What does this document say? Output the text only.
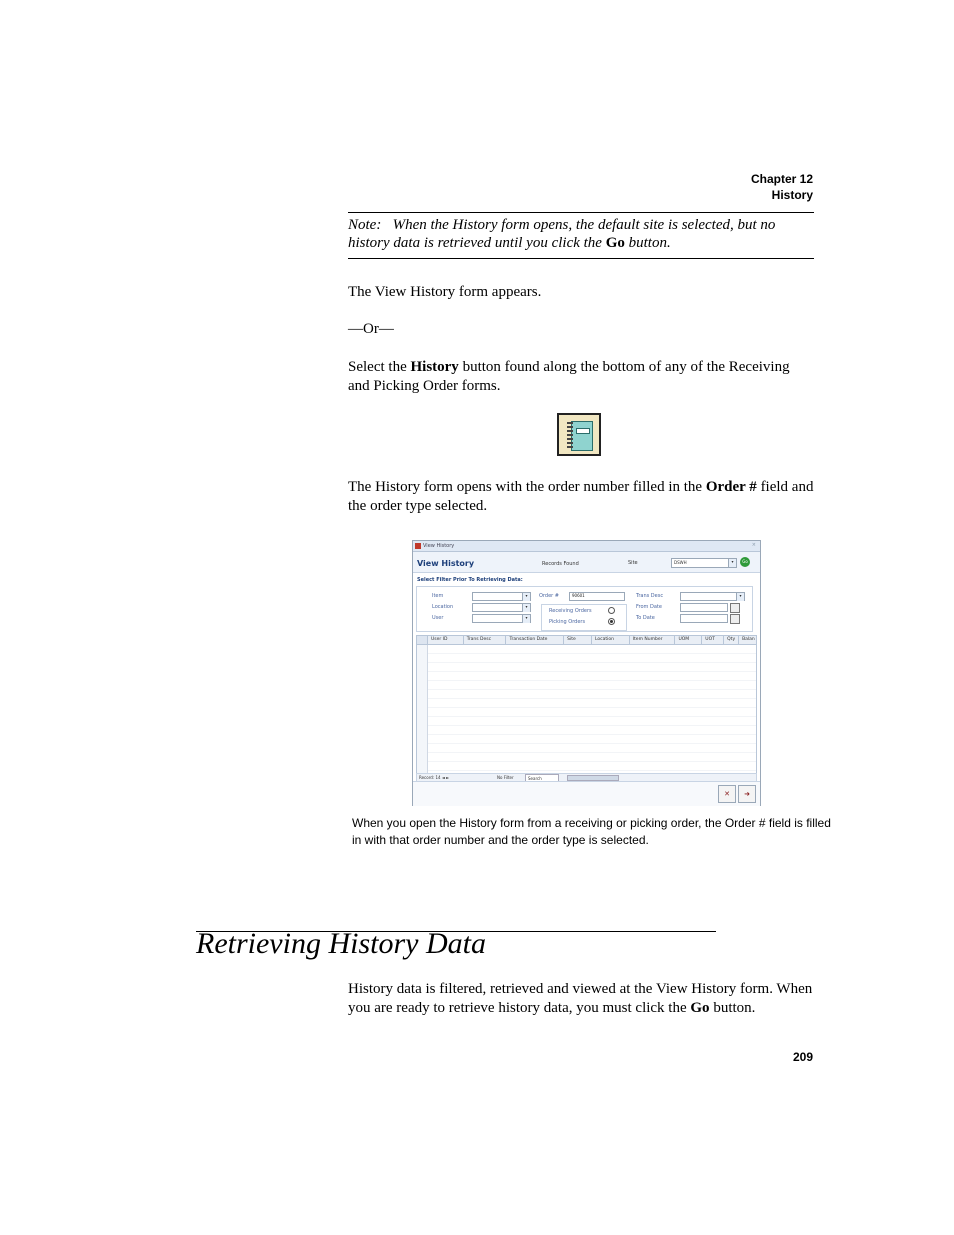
Chapter 12
History
Note: When the History form opens, the default site is selected, but no history data is retrieved until you click the Go button.
The View History form appears.
—Or—
Select the History button found along the bottom of any of the Receiving and Picking Order forms.
The History form opens with the order number filled in the Order # field and the order type selected.
View History	×
View History	Records Found	Site	DSWH	▾	Go
Select Filter Prior To Retrieving Data:
Item	▾
Location	▾
User	▾
Order #	90601
Receiving Orders
Picking Orders
Trans Desc	▾
From Date
To Date
User ID	Trans Desc	Transaction Date	Site	Location	Item Number	UOM	UOT	Qty	Balan
Record: 14 ◄ ►	No Filter	Search
✕	➜
When you open the History form from a receiving or picking order, the Order # field is filled in with that order number and the order type is selected.
Retrieving History Data
History data is filtered, retrieved and viewed at the View History form. When you are ready to retrieve history data, you must click the Go button.
209
